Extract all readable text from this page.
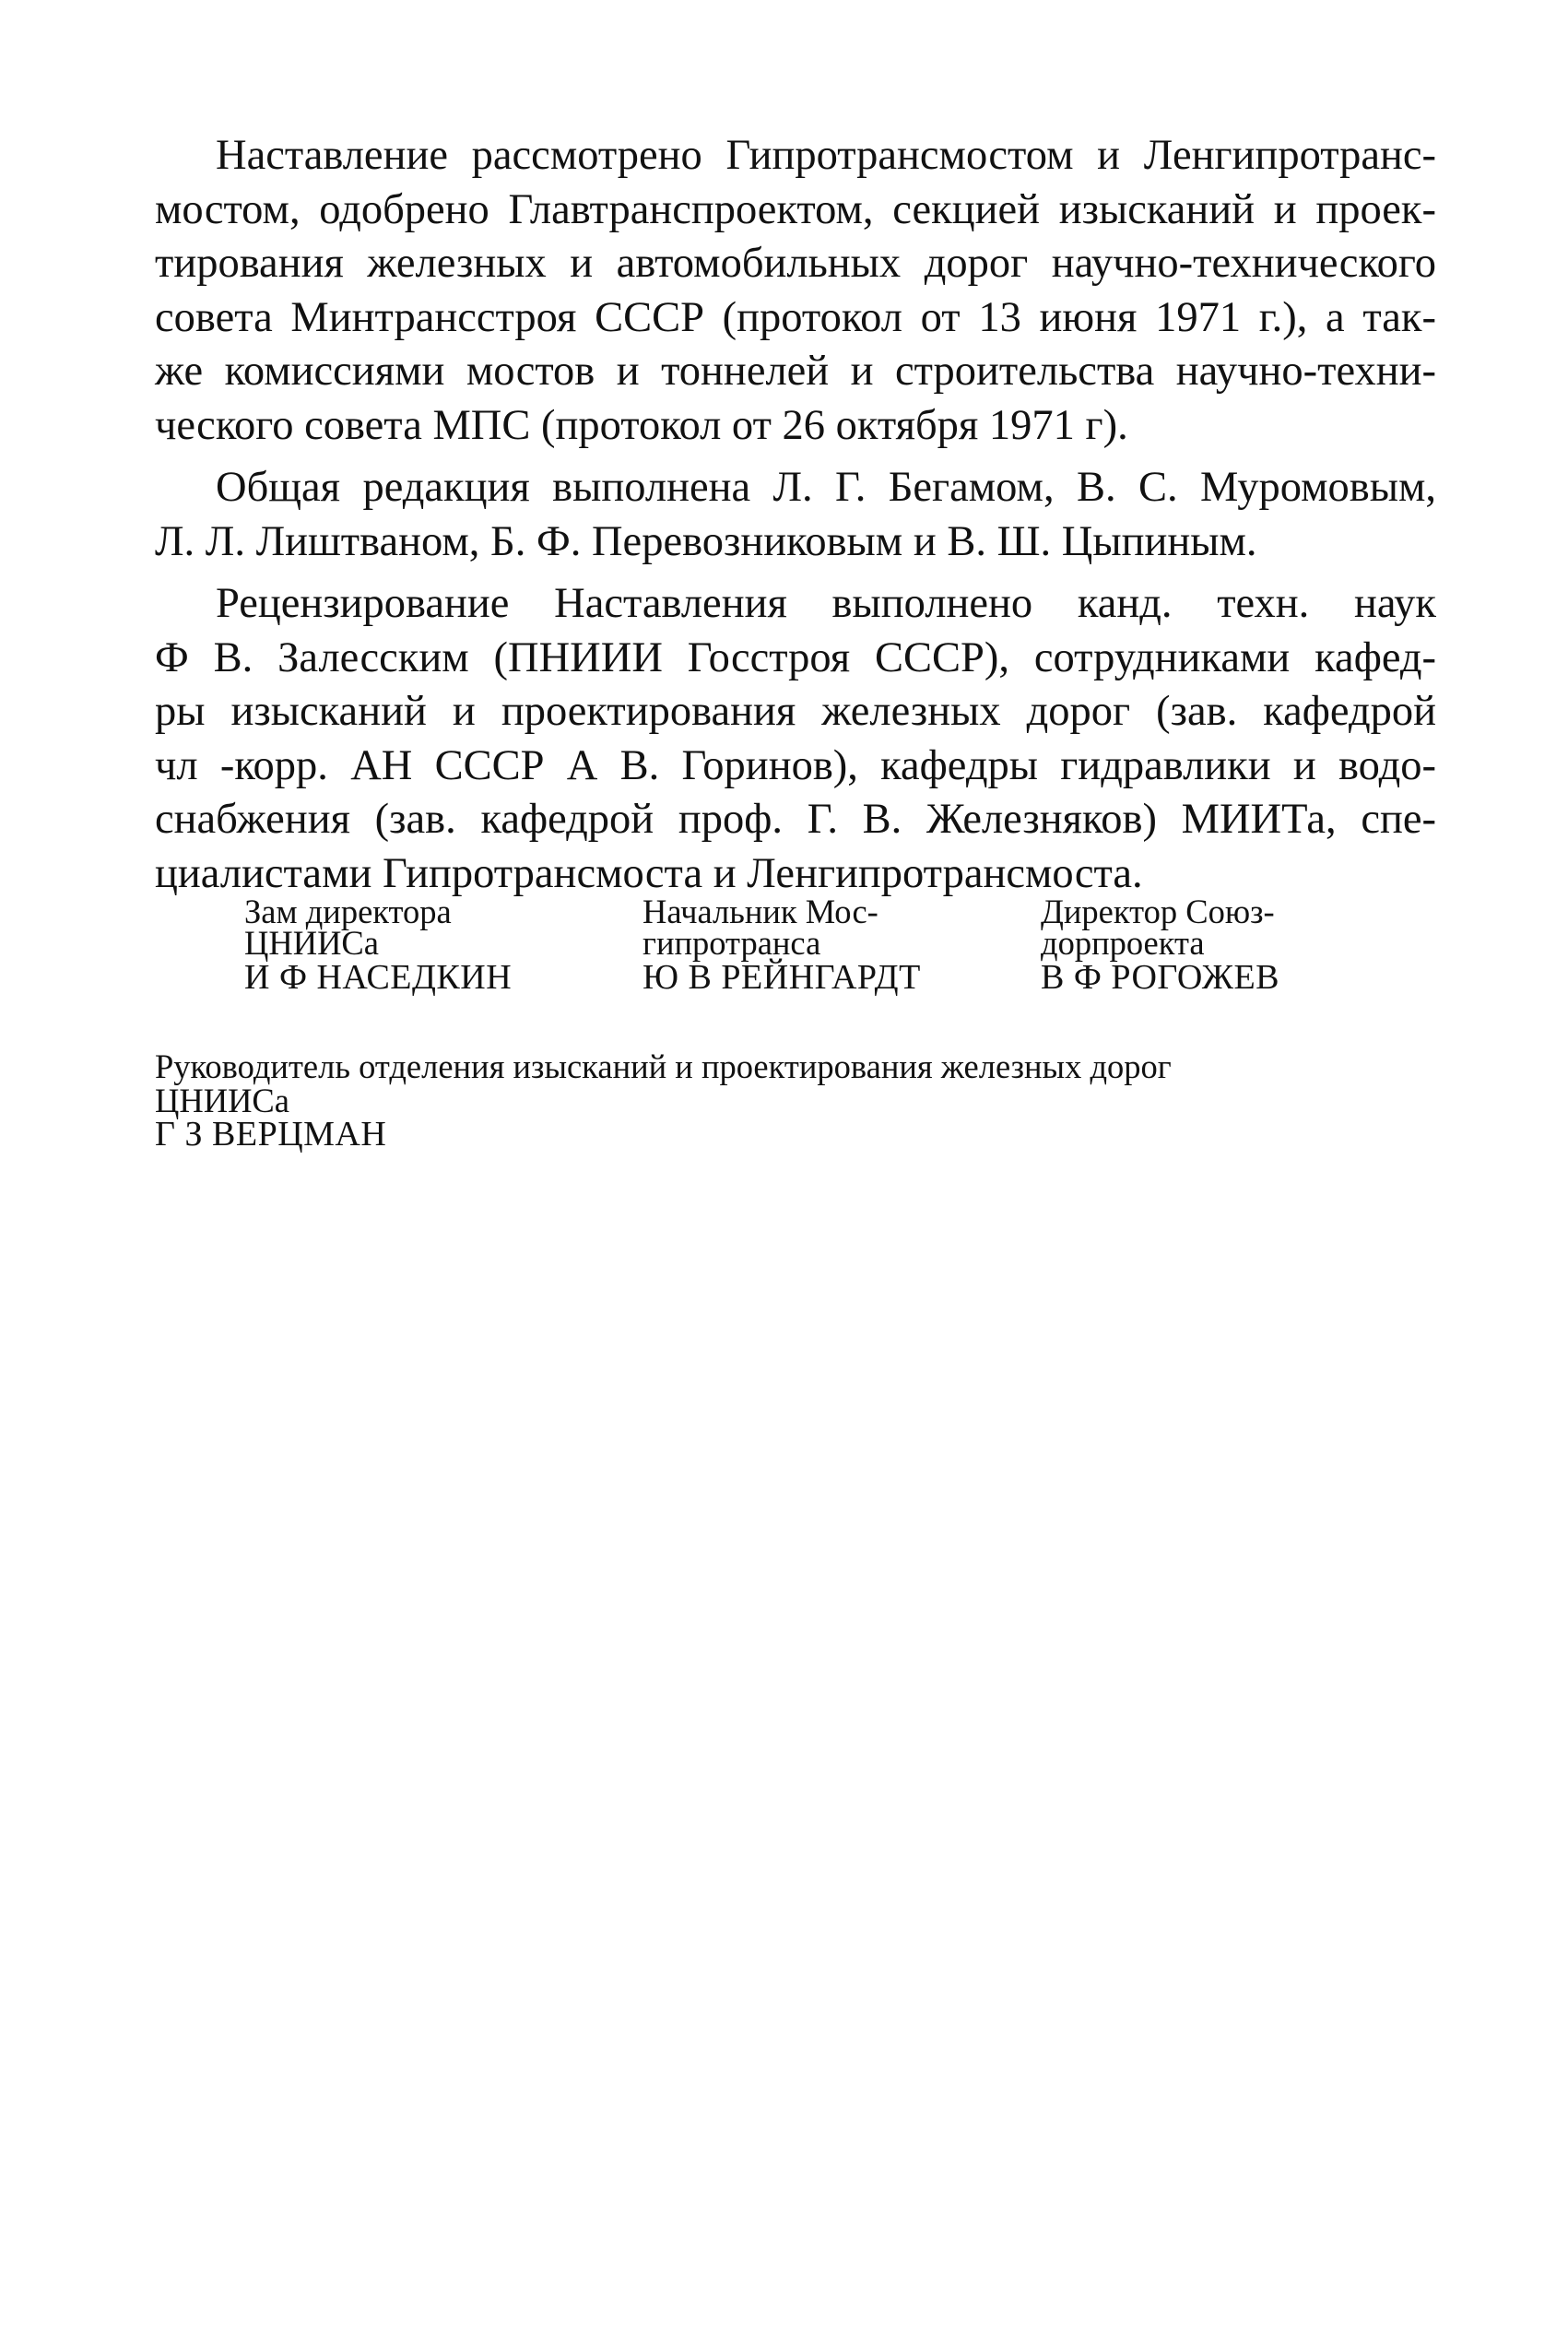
Наставление рассмотрено Гипротрансмостом и Ленгипротранс-
мостом, одобрено Главтранспроектом, секцией изысканий и проек-
тирования железных и автомобильных дорог научно-технического
совета Минтрансстроя СССР (протокол от 13 июня 1971 г.), а так-
же комиссиями мостов и тоннелей и строительства научно-техни-
ческого совета МПС (протокол от 26 октября 1971 г).

Общая редакция выполнена Л. Г. Бегамом, В. С. Муромовым,
Л. Л. Лиштваном, Б. Ф. Перевозниковым и В. Ш. Цыпиным.

Рецензирование Наставления выполнено канд. техн. наук
Ф В. Залесским (ПНИИИ Госстроя СССР), сотрудниками кафед-
ры изысканий и проектирования железных дорог (зав. кафедрой
чл -корр. АН СССР А В. Горинов), кафедры гидравлики и водо-
снабжения (зав. кафедрой проф. Г. В. Железняков) МИИТа, спе-
циалистами Гипротрансмоста и Ленгипротрансмоста.

Зам директора
ЦНИИСа
И Ф НАСЕДКИН
Начальник Мос-
гипротранса
Ю В РЕЙНГАРДТ
Директор Союз-
дорпроекта
В Ф РОГОЖЕВ
Руководитель отделения изысканий и проектирования железных дорог
ЦНИИСа
Г З ВЕРЦМАН
